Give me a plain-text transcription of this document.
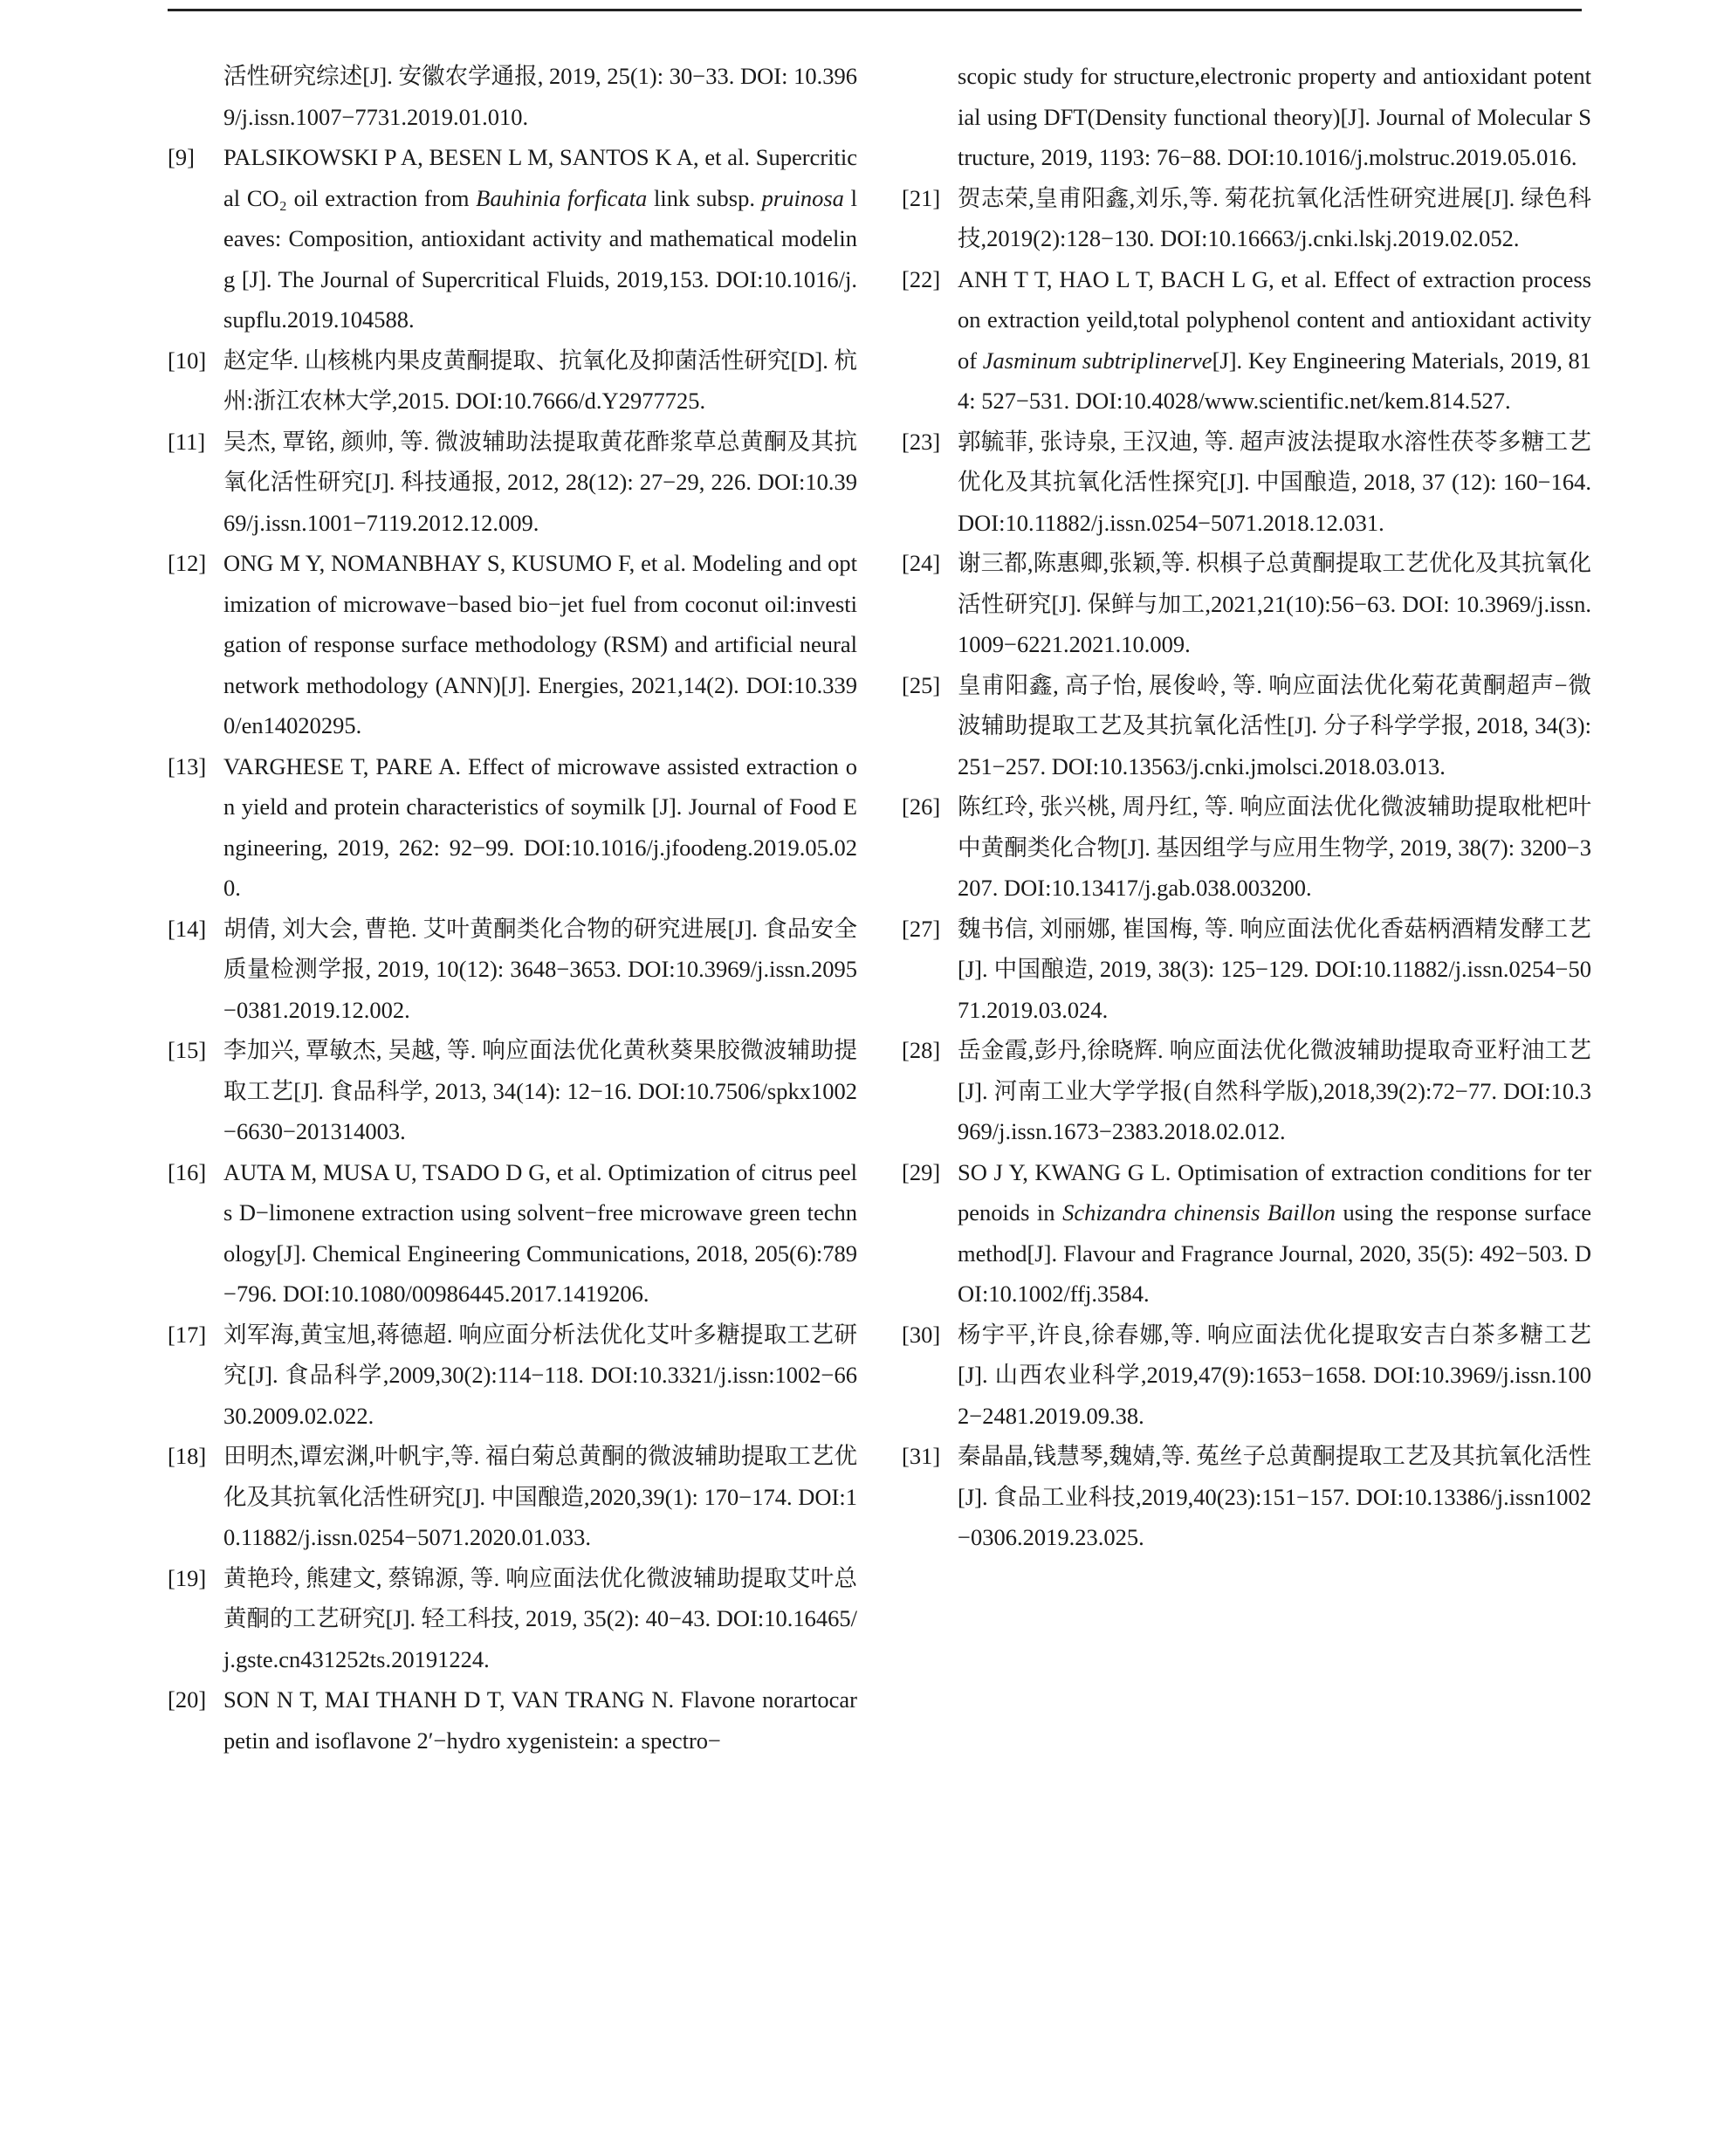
活性研究综述[J]. 安徽农学通报, 2019, 25(1): 30−33. DOI: 10.3969/j.issn.1007−7731.2019.01.010.
[9] PALSIKOWSKI P A, BESEN L M, SANTOS K A, et al. Supercritical CO₂ oil extraction from Bauhinia forficata link subsp. pruinosa leaves: Composition, antioxidant activity and mathematical modeling [J]. The Journal of Supercritical Fluids, 2019,153. DOI:10.1016/j.supflu.2019.104588.
[10] 赵定华. 山核桃内果皮黄酮提取、抗氧化及抑菌活性研究[D]. 杭州:浙江农林大学,2015. DOI:10.7666/d.Y2977725.
[11] 吴杰, 覃铭, 颜帅, 等. 微波辅助法提取黄花酢浆草总黄酮及其抗氧化活性研究[J]. 科技通报, 2012, 28(12): 27−29, 226. DOI:10.3969/j.issn.1001−7119.2012.12.009.
[12] ONG M Y, NOMANBHAY S, KUSUMO F, et al. Modeling and optimization of microwave−based bio−jet fuel from coconut oil:investigation of response surface methodology (RSM) and artificial neural network methodology (ANN)[J]. Energies, 2021,14(2). DOI:10.3390/en14020295.
[13] VARGHESE T, PARE A. Effect of microwave assisted extraction on yield and protein characteristics of soymilk [J]. Journal of Food Engineering, 2019, 262: 92−99. DOI:10.1016/j.jfoodeng.2019.05.020.
[14] 胡倩, 刘大会, 曹艳. 艾叶黄酮类化合物的研究进展[J]. 食品安全质量检测学报, 2019, 10(12): 3648−3653. DOI:10.3969/j.issn.2095−0381.2019.12.002.
[15] 李加兴, 覃敏杰, 吴越, 等. 响应面法优化黄秋葵果胶微波辅助提取工艺[J]. 食品科学, 2013, 34(14): 12−16. DOI:10.7506/spkx1002−6630−201314003.
[16] AUTA M, MUSA U, TSADO D G, et al. Optimization of citrus peels D−limonene extraction using solvent−free microwave green technology[J]. Chemical Engineering Communications, 2018, 205(6):789−796. DOI:10.1080/00986445.2017.1419206.
[17] 刘军海,黄宝旭,蒋德超. 响应面分析法优化艾叶多糖提取工艺研究[J]. 食品科学,2009,30(2):114−118. DOI:10.3321/j.issn:1002−6630.2009.02.022.
[18] 田明杰,谭宏渊,叶帆宇,等. 福白菊总黄酮的微波辅助提取工艺优化及其抗氧化活性研究[J]. 中国酿造,2020,39(1): 170−174. DOI:10.11882/j.issn.0254−5071.2020.01.033.
[19] 黄艳玲, 熊建文, 蔡锦源, 等. 响应面法优化微波辅助提取艾叶总黄酮的工艺研究[J]. 轻工科技, 2019, 35(2): 40−43. DOI:10.16465/j.gste.cn431252ts.20191224.
[20] SON N T, MAI THANH D T, VAN TRANG N. Flavone norartocarpetin and isoflavone 2′−hydro xygenistein: a spectro−
scopic study for structure,electronic property and antioxidant potential using DFT(Density functional theory)[J]. Journal of Molecular Structure, 2019, 1193: 76−88. DOI:10.1016/j.molstruc.2019.05.016.
[21] 贺志荣,皇甫阳鑫,刘乐,等. 菊花抗氧化活性研究进展[J]. 绿色科技,2019(2):128−130. DOI:10.16663/j.cnki.lskj.2019.02.052.
[22] ANH T T, HAO L T, BACH L G, et al. Effect of extraction process on extraction yeild,total polyphenol content and antioxidant activity of Jasminum subtriplinerve[J]. Key Engineering Materials, 2019, 814: 527−531. DOI:10.4028/www.scientific.net/kem.814.527.
[23] 郭毓菲, 张诗泉, 王汉迪, 等. 超声波法提取水溶性茯苓多糖工艺优化及其抗氧化活性探究[J]. 中国酿造, 2018, 37 (12): 160−164. DOI:10.11882/j.issn.0254−5071.2018.12.031.
[24] 谢三都,陈惠卿,张颖,等. 枳椇子总黄酮提取工艺优化及其抗氧化活性研究[J]. 保鲜与加工,2021,21(10):56−63. DOI: 10.3969/j.issn.1009−6221.2021.10.009.
[25] 皇甫阳鑫, 高子怡, 展俊岭, 等. 响应面法优化菊花黄酮超声−微波辅助提取工艺及其抗氧化活性[J]. 分子科学学报, 2018, 34(3): 251−257. DOI:10.13563/j.cnki.jmolsci.2018.03.013.
[26] 陈红玲, 张兴桃, 周丹红, 等. 响应面法优化微波辅助提取枇杷叶中黄酮类化合物[J]. 基因组学与应用生物学, 2019, 38(7): 3200−3207. DOI:10.13417/j.gab.038.003200.
[27] 魏书信, 刘丽娜, 崔国梅, 等. 响应面法优化香菇柄酒精发酵工艺[J]. 中国酿造, 2019, 38(3): 125−129. DOI:10.11882/j.issn.0254−5071.2019.03.024.
[28] 岳金霞,彭丹,徐晓辉. 响应面法优化微波辅助提取奇亚籽油工艺[J]. 河南工业大学学报(自然科学版),2018,39(2):72−77. DOI:10.3969/j.issn.1673−2383.2018.02.012.
[29] SO J Y, KWANG G L. Optimisation of extraction conditions for terpenoids in Schizandra chinensis Baillon using the response surface method[J]. Flavour and Fragrance Journal, 2020, 35(5): 492−503. DOI:10.1002/ffj.3584.
[30] 杨宇平,许良,徐春娜,等. 响应面法优化提取安吉白茶多糖工艺[J]. 山西农业科学,2019,47(9):1653−1658. DOI:10.3969/j.issn.1002−2481.2019.09.38.
[31] 秦晶晶,钱慧琴,魏婧,等. 菟丝子总黄酮提取工艺及其抗氧化活性[J]. 食品工业科技,2019,40(23):151−157. DOI:10.13386/j.issn1002−0306.2019.23.025.
